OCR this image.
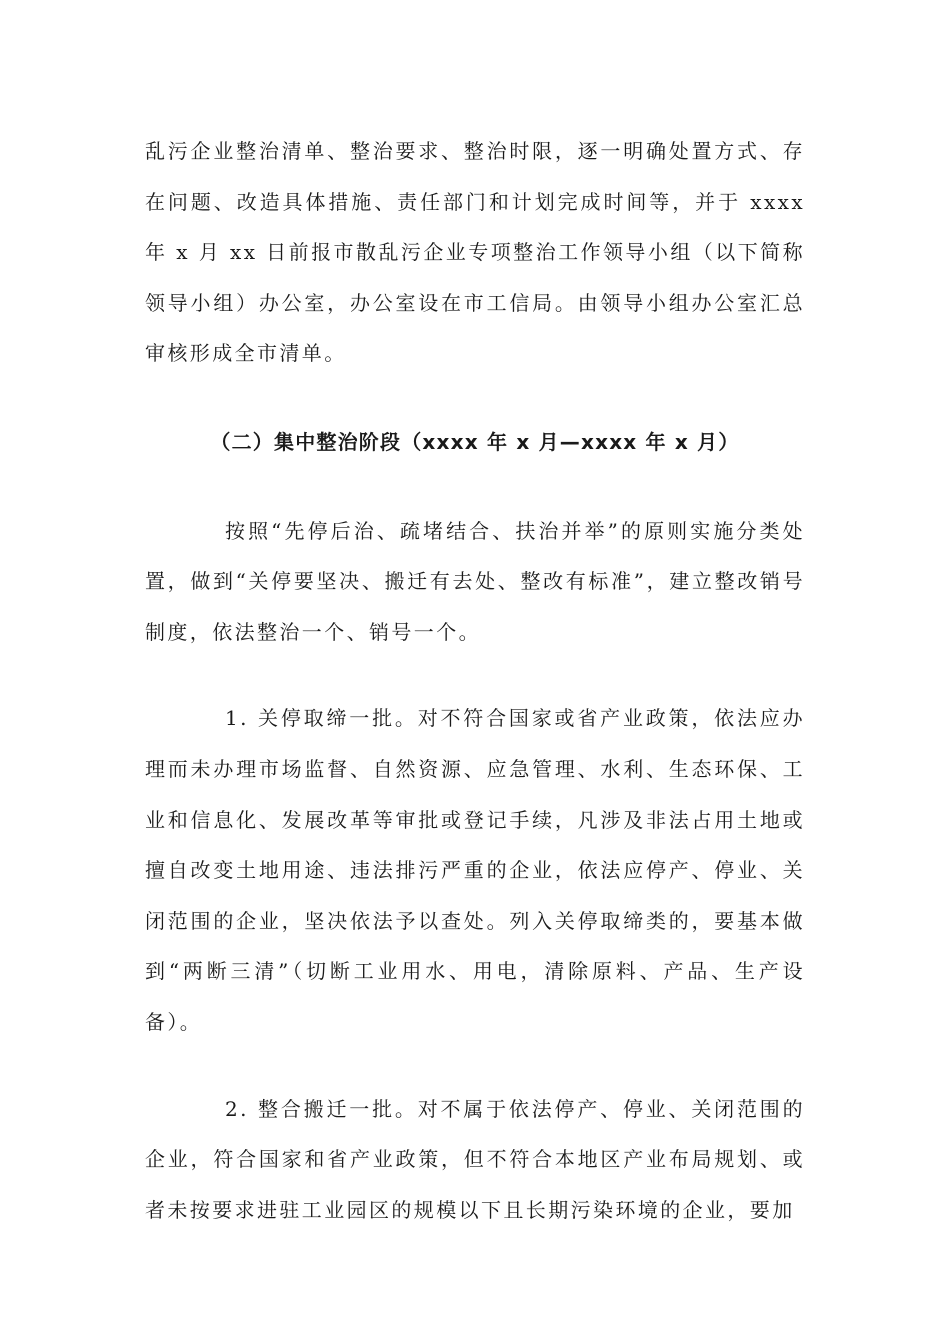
乱污企业整治清单、整治要求、整治时限，逐一明确处置方式、存在问题、改造具体措施、责任部门和计划完成时间等，并于 xxxx 年 x 月 xx 日前报市散乱污企业专项整治工作领导小组（以下简称领导小组）办公室，办公室设在市工信局。由领导小组办公室汇总审核形成全市清单。

（二）集中整治阶段（xxxx 年 x 月—xxxx 年 x 月）

按照“先停后治、疏堵结合、扶治并举”的原则实施分类处置，做到“关停要坚决、搬迁有去处、整改有标准”，建立整改销号制度，依法整治一个、销号一个。

1. 关停取缔一批。对不符合国家或省产业政策，依法应办理而未办理市场监督、自然资源、应急管理、水利、生态环保、工业和信息化、发展改革等审批或登记手续，凡涉及非法占用土地或擅自改变土地用途、违法排污严重的企业，依法应停产、停业、关闭范围的企业，坚决依法予以查处。列入关停取缔类的，要基本做到“两断三清”（切断工业用水、用电，清除原料、产品、生产设备）。

2. 整合搬迁一批。对不属于依法停产、停业、关闭范围的企业，符合国家和省产业政策，但不符合本地区产业布局规划、或者未按要求进驻工业园区的规模以下且长期污染环境的企业，要加
